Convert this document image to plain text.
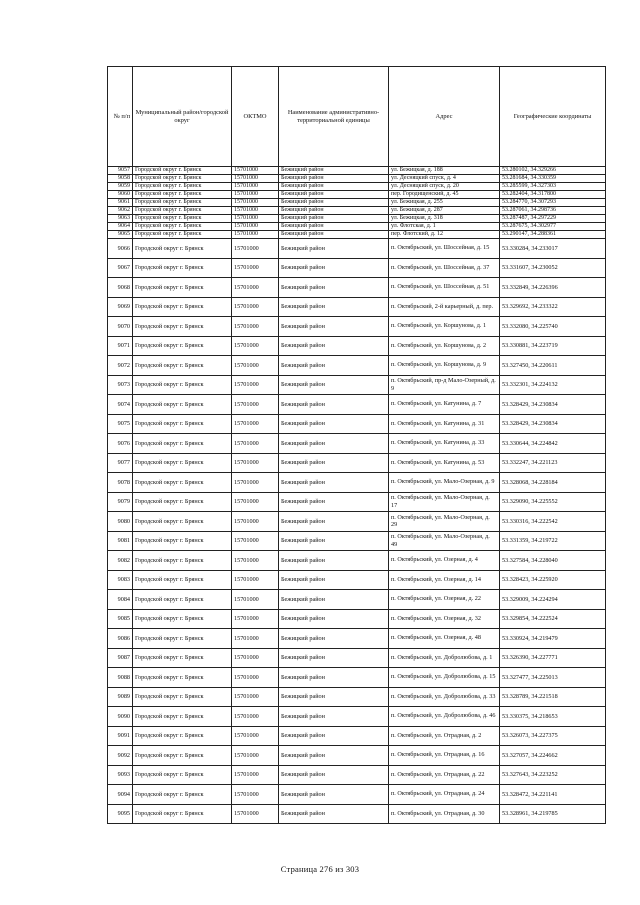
№ п/п	Муниципальный район/городской округ	ОКТМО	Наименование административно-территориальной единицы	Адрес	Географические координаты
9057	Городской округ г. Брянск	15701000	Бежицкий район	ул. Бежицкая, д. 188	53.280102, 34.329266
9058	Городской округ г. Брянск	15701000	Бежицкий район	ул. Десняцкий спуск, д. 4	53.281684, 34.330359
9059	Городской округ г. Брянск	15701000	Бежицкий район	ул. Десняцкий спуск, д. 20	53.285599, 34.327303
9060	Городской округ г. Брянск	15701000	Бежицкий район	пер. Городищенский, д. 45	53.282404, 34.317800
9061	Городской округ г. Брянск	15701000	Бежицкий район	ул. Бежицкая, д. 255	53.284770, 34.307293
9062	Городской округ г. Брянск	15701000	Бежицкий район	ул. Бежицкая, д. 287	53.287061, 34.298736
9063	Городской округ г. Брянск	15701000	Бежицкий район	ул. Бежицкая, д. 318	53.287487, 34.297229
9064	Городской округ г. Брянск	15701000	Бежицкий район	ул. Флотская, д. 1	53.287675, 34.302977
9065	Городской округ г. Брянск	15701000	Бежицкий район	пер. Флотский, д. 12	53.290147, 34.288361
9066	Городской округ г. Брянск	15701000	Бежицкий район	п. Октябрьский, ул. Шоссейная, д. 15	53.330284, 34.233017
9067	Городской округ г. Брянск	15701000	Бежицкий район	п. Октябрьский, ул. Шоссейная, д. 37	53.331607, 34.230052
9068	Городской округ г. Брянск	15701000	Бежицкий район	п. Октябрьский, ул. Шоссейная, д. 51	53.332849, 34.226396
9069	Городской округ г. Брянск	15701000	Бежицкий район	п. Октябрьский, 2-й карьерный, д. пер.	53.329692, 34.233322
9070	Городской округ г. Брянск	15701000	Бежицкий район	п. Октябрьский, ул. Коршунова, д. 1	53.332080, 34.225740
9071	Городской округ г. Брянск	15701000	Бежицкий район	п. Октябрьский, ул. Коршунова, д. 2	53.330881, 34.223719
9072	Городской округ г. Брянск	15701000	Бежицкий район	п. Октябрьский, ул. Коршунова, д. 9	53.327450, 34.220611
9073	Городской округ г. Брянск	15701000	Бежицкий район	п. Октябрьский, пр-д Мало-Озерный, д. 9	53.332301, 34.224132
9074	Городской округ г. Брянск	15701000	Бежицкий район	п. Октябрьский, ул. Катунина, д. 7	53.328429, 34.230834
9075	Городской округ г. Брянск	15701000	Бежицкий район	п. Октябрьский, ул. Катунина, д. 31	53.328429, 34.230834
9076	Городской округ г. Брянск	15701000	Бежицкий район	п. Октябрьский, ул. Катунина, д. 33	53.330644, 34.224842
9077	Городской округ г. Брянск	15701000	Бежицкий район	п. Октябрьский, ул. Катунина, д. 53	53.332247, 34.221123
9078	Городской округ г. Брянск	15701000	Бежицкий район	п. Октябрьский, ул. Мало-Озерная, д. 9	53.328068, 34.228184
9079	Городской округ г. Брянск	15701000	Бежицкий район	п. Октябрьский, ул. Мало-Озерная, д. 17	53.329090, 34.225552
9080	Городской округ г. Брянск	15701000	Бежицкий район	п. Октябрьский, ул. Мало-Озерная, д. 29	53.330316, 34.222542
9081	Городской округ г. Брянск	15701000	Бежицкий район	п. Октябрьский, ул. Мало-Озерная, д. 49	53.331359, 34.219722
9082	Городской округ г. Брянск	15701000	Бежицкий район	п. Октябрьский, ул. Озерная, д. 4	53.327584, 34.228040
9083	Городской округ г. Брянск	15701000	Бежицкий район	п. Октябрьский, ул. Озерная, д. 14	53.328423, 34.225920
9084	Городской округ г. Брянск	15701000	Бежицкий район	п. Октябрьский, ул. Озерная, д. 22	53.329009, 34.224294
9085	Городской округ г. Брянск	15701000	Бежицкий район	п. Октябрьский, ул. Озерная, д. 32	53.329854, 34.222524
9086	Городской округ г. Брянск	15701000	Бежицкий район	п. Октябрьский, ул. Озерная, д. 48	53.330924, 34.219479
9087	Городской округ г. Брянск	15701000	Бежицкий район	п. Октябрьский, ул. Добролюбова, д. 1	53.326390, 34.227771
9088	Городской округ г. Брянск	15701000	Бежицкий район	п. Октябрьский, ул. Добролюбова, д. 15	53.327477, 34.225013
9089	Городской округ г. Брянск	15701000	Бежицкий район	п. Октябрьский, ул. Добролюбова, д. 33	53.328789, 34.221518
9090	Городской округ г. Брянск	15701000	Бежицкий район	п. Октябрьский, ул. Добролюбова, д. 46	53.330375, 34.218653
9091	Городской округ г. Брянск	15701000	Бежицкий район	п. Октябрьский, ул. Отрадная, д. 2	53.326073, 34.227375
9092	Городской округ г. Брянск	15701000	Бежицкий район	п. Октябрьский, ул. Отрадная, д. 16	53.327057, 34.224662
9093	Городской округ г. Брянск	15701000	Бежицкий район	п. Октябрьский, ул. Отрадная, д. 22	53.327643, 34.223252
9094	Городской округ г. Брянск	15701000	Бежицкий район	п. Октябрьский, ул. Отрадная, д. 24	53.328472, 34.221141
9095	Городской округ г. Брянск	15701000	Бежицкий район	п. Октябрьский, ул. Отрадная, д. 30	53.328961, 34.219785
Страница 276 из 303
